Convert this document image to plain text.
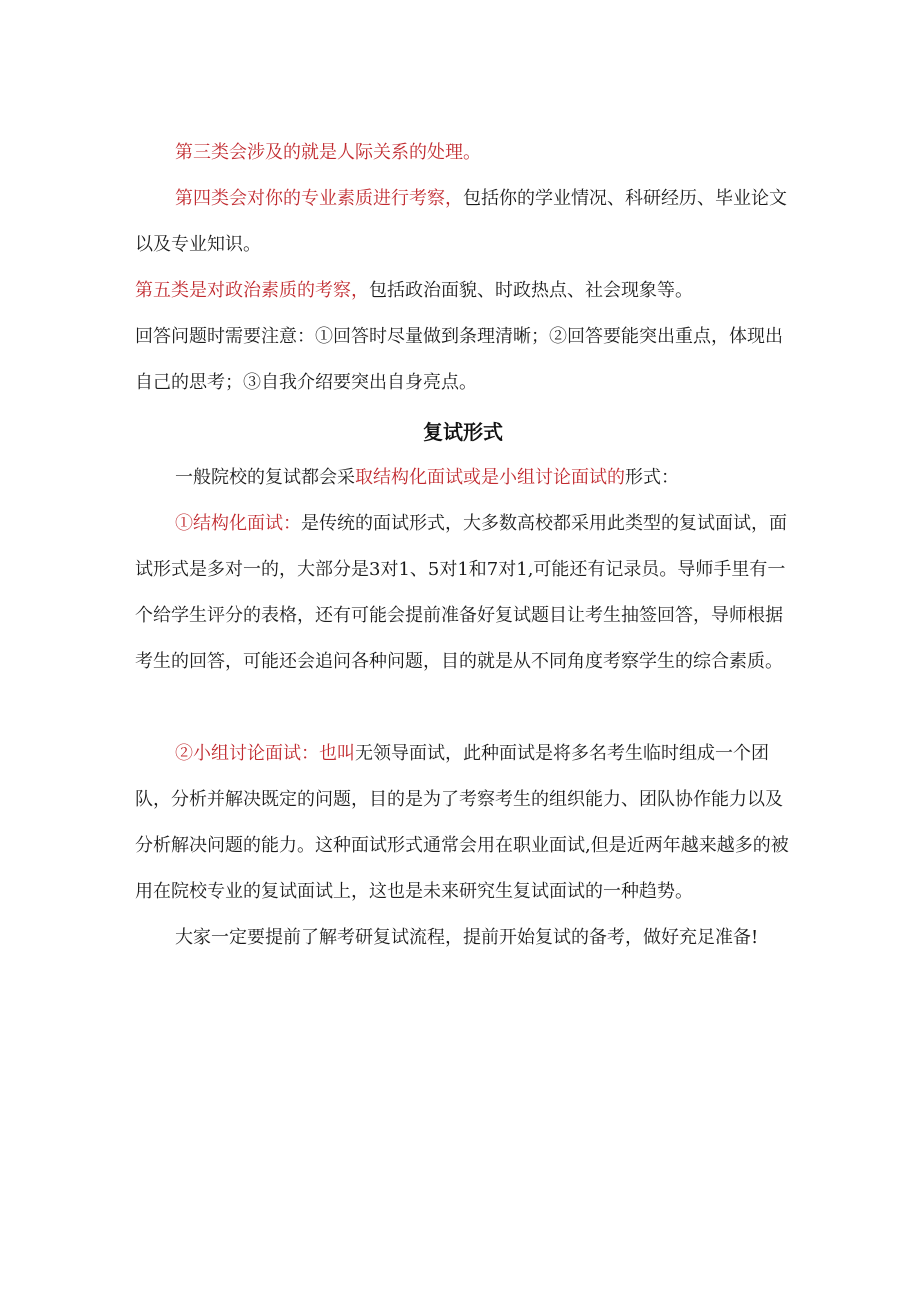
第三类会涉及的就是人际关系的处理。

第四类会对你的专业素质进行考察，包括你的学业情况、科研经历、毕业论文以及专业知识。

第五类是对政治素质的考察，包括政治面貌、时政热点、社会现象等。

回答问题时需要注意：①回答时尽量做到条理清晰；②回答要能突出重点，体现出自己的思考；③自我介绍要突出自身亮点。

复试形式

一般院校的复试都会采取结构化面试或是小组讨论面试的形式：

①结构化面试：是传统的面试形式，大多数高校都采用此类型的复试面试，面试形式是多对一的，大部分是3对1、5对1和7对1,可能还有记录员。导师手里有一个给学生评分的表格，还有可能会提前准备好复试题目让考生抽签回答，导师根据考生的回答，可能还会追问各种问题，目的就是从不同角度考察学生的综合素质。

②小组讨论面试：也叫无领导面试，此种面试是将多名考生临时组成一个团队，分析并解决既定的问题，目的是为了考察考生的组织能力、团队协作能力以及分析解决问题的能力。这种面试形式通常会用在职业面试,但是近两年越来越多的被用在院校专业的复试面试上，这也是未来研究生复试面试的一种趋势。

大家一定要提前了解考研复试流程，提前开始复试的备考，做好充足准备!
